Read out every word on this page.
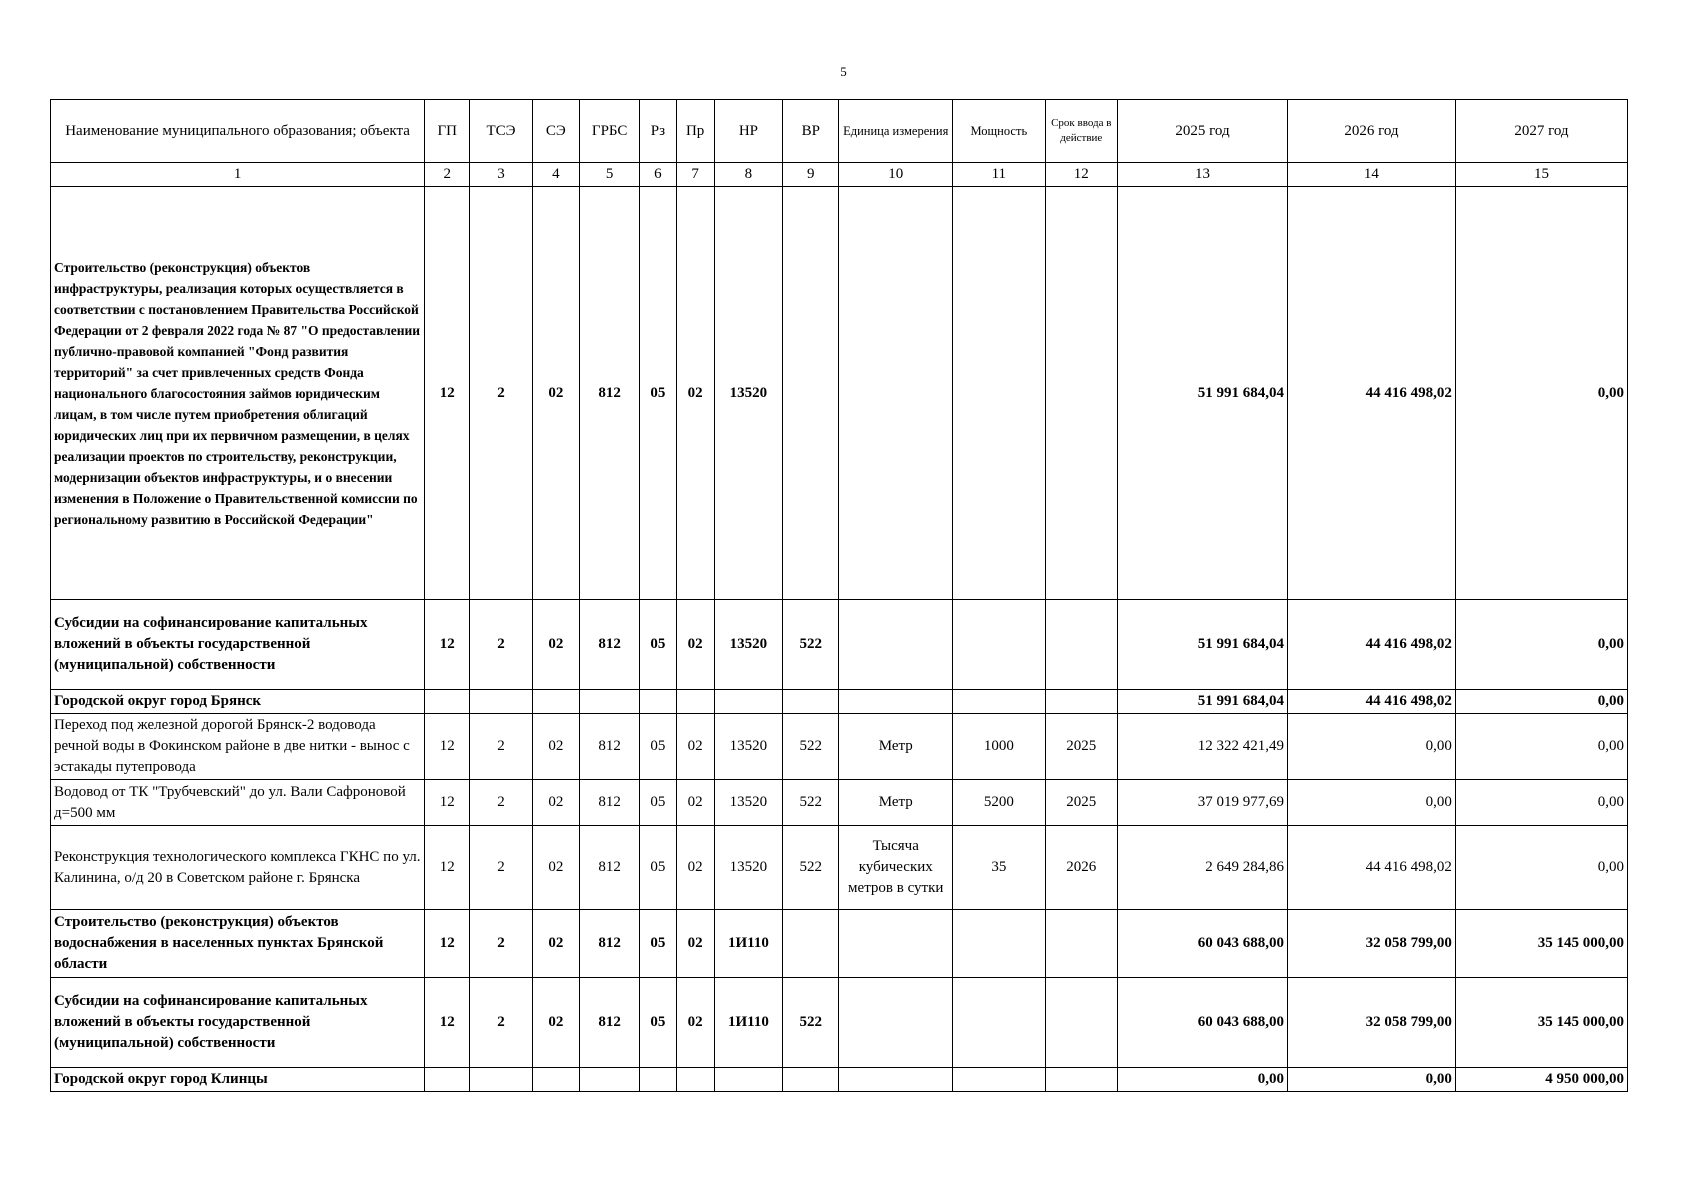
5
Наименование муниципального образования; объекта	ГП	ТСЭ	СЭ	ГРБС	Рз	Пр	НР	ВР	Единица измерения	Мощность	Срок ввода в действие	2025 год	2026 год	2027 год
1	2	3	4	5	6	7	8	9	10	11	12	13	14	15
Строительство (реконструкция) объектов инфраструктуры, реализация которых осуществляется в соответствии с постановлением Правительства Российской Федерации от 2 февраля 2022 года № 87 "О предоставлении публично-правовой компанией "Фонд развития территорий" за счет привлеченных средств Фонда национального благосостояния займов юридическим лицам, в том числе путем приобретения облигаций юридических лиц при их первичном размещении, в целях реализации проектов по строительству, реконструкции, модернизации объектов инфраструктуры, и о внесении изменения в Положение о Правительственной комиссии по региональному развитию в Российской Федерации"	12	2	02	812	05	02	13520					51 991 684,04	44 416 498,02	0,00
Субсидии на софинансирование капитальных вложений в объекты государственной (муниципальной) собственности	12	2	02	812	05	02	13520	522				51 991 684,04	44 416 498,02	0,00
Городской округ город Брянск												51 991 684,04	44 416 498,02	0,00
Переход под железной дорогой Брянск-2 водовода речной воды в Фокинском районе в две нитки - вынос с эстакады путепровода	12	2	02	812	05	02	13520	522	Метр	1000	2025	12 322 421,49	0,00	0,00
Водовод от ТК "Трубчевский" до ул. Вали Сафроновой д=500 мм	12	2	02	812	05	02	13520	522	Метр	5200	2025	37 019 977,69	0,00	0,00
Реконструкция технологического комплекса ГКНС по ул. Калинина, о/д 20 в Советском районе г. Брянска	12	2	02	812	05	02	13520	522	Тысяча кубических метров в сутки	35	2026	2 649 284,86	44 416 498,02	0,00
Строительство (реконструкция) объектов водоснабжения в населенных пунктах Брянской области	12	2	02	812	05	02	1И110					60 043 688,00	32 058 799,00	35 145 000,00
Субсидии на софинансирование капитальных вложений в объекты государственной (муниципальной) собственности	12	2	02	812	05	02	1И110	522				60 043 688,00	32 058 799,00	35 145 000,00
Городской округ город Клинцы												0,00	0,00	4 950 000,00
